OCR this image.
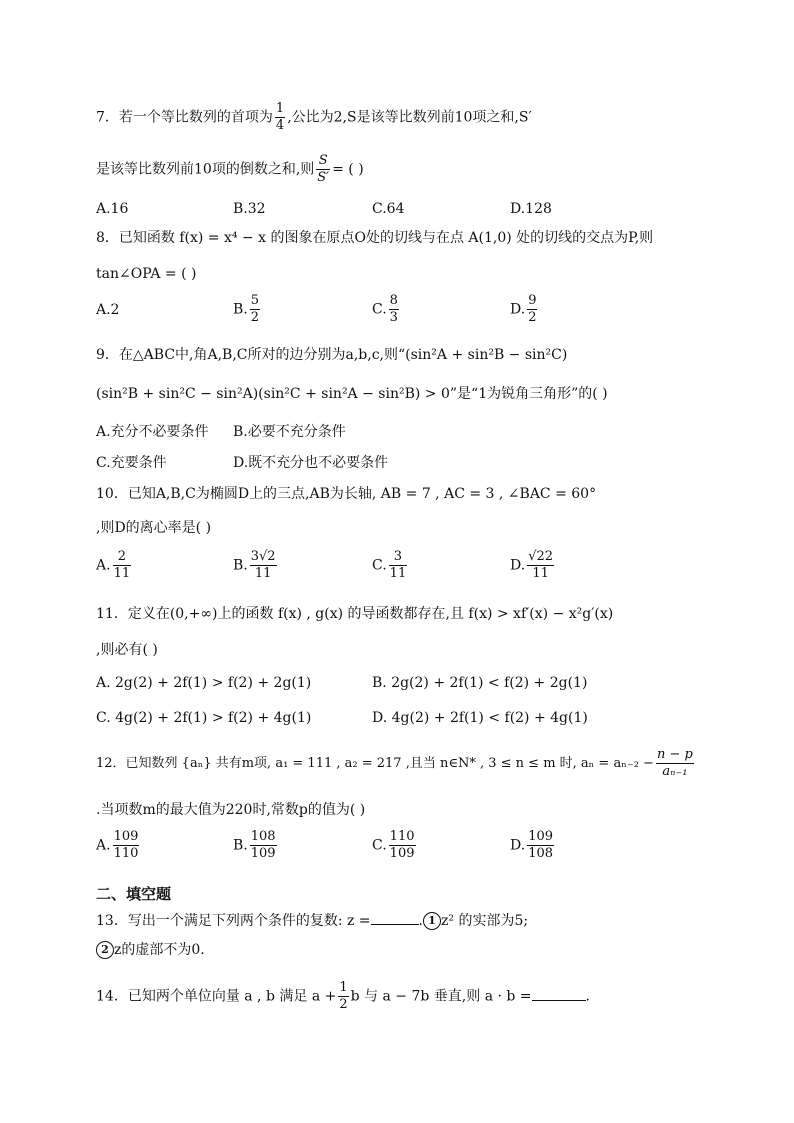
7．若一个等比数列的首项为 $\frac{1}{4}$ ,公比为2,S是该等比数列前10项之和,S′
是该等比数列前10项的倒数之和,则 $\frac{S}{S'}$ = ( )
A.16	B.32	C.64	D.128
8．已知函数 f(x) = x⁴ − x 的图象在原点O处的切线与在点 A(1,0) 处的切线的交点为P,则
tan∠OPA = ( )
A.2	B. $\frac{5}{2}$	C. $\frac{8}{3}$	D. $\frac{9}{2}$
9．在△ABC中,角A,B,C所对的边分别为a,b,c,则“(sin²A + sin²B − sin²C)
(sin²B + sin²C − sin²A)(sin²C + sin²A − sin²B) > 0”是“1为锐角三角形”的( )
A.充分不必要条件 B.必要不充分条件
C.充要条件	D.既不充分也不必要条件
10．已知A,B,C为椭圆D上的三点,AB为长轴, AB = 7 , AC = 3 , ∠BAC = 60°
,则D的离心率是( )
A. $\frac{2}{11}$	B. $\frac{3√2}{11}$	C. $\frac{3}{11}$	D. $\frac{√22}{11}$
11．定义在(0,+∞)上的函数 f(x) , g(x) 的导函数都存在,且 f(x) > xf′(x) − x²g′(x)
,则必有( )
A. 2g(2) + 2f(1) > f(2) + 2g(1)	B. 2g(2) + 2f(1) < f(2) + 2g(1)
C. 4g(2) + 2f(1) > f(2) + 4g(1)	D. 4g(2) + 2f(1) < f(2) + 4g(1)
12．已知数列 {aₙ} 共有m项, a₁ = 111 , a₂ = 217 ,且当 n∈N* , 3 ≤ n ≤ m 时, $a_n = a_{n-2} - \frac{n - p}{\text{aₙ₋₁}}$
.当项数m的最大值为220时,常数p的值为( )
A. $\frac{109}{110}$	B. $\frac{108}{109}$	C. $\frac{110}{109}$	D. $\frac{109}{108}$
二、填空题
13．写出一个满足下列两个条件的复数: z =	. 1 z² 的实部为5;
2 z的虚部不为0.
14．已知两个单位向量 a , b 满足 $a + \frac{1}{2}$ b 与 a − 7b 垂直,则 a · b =	.
